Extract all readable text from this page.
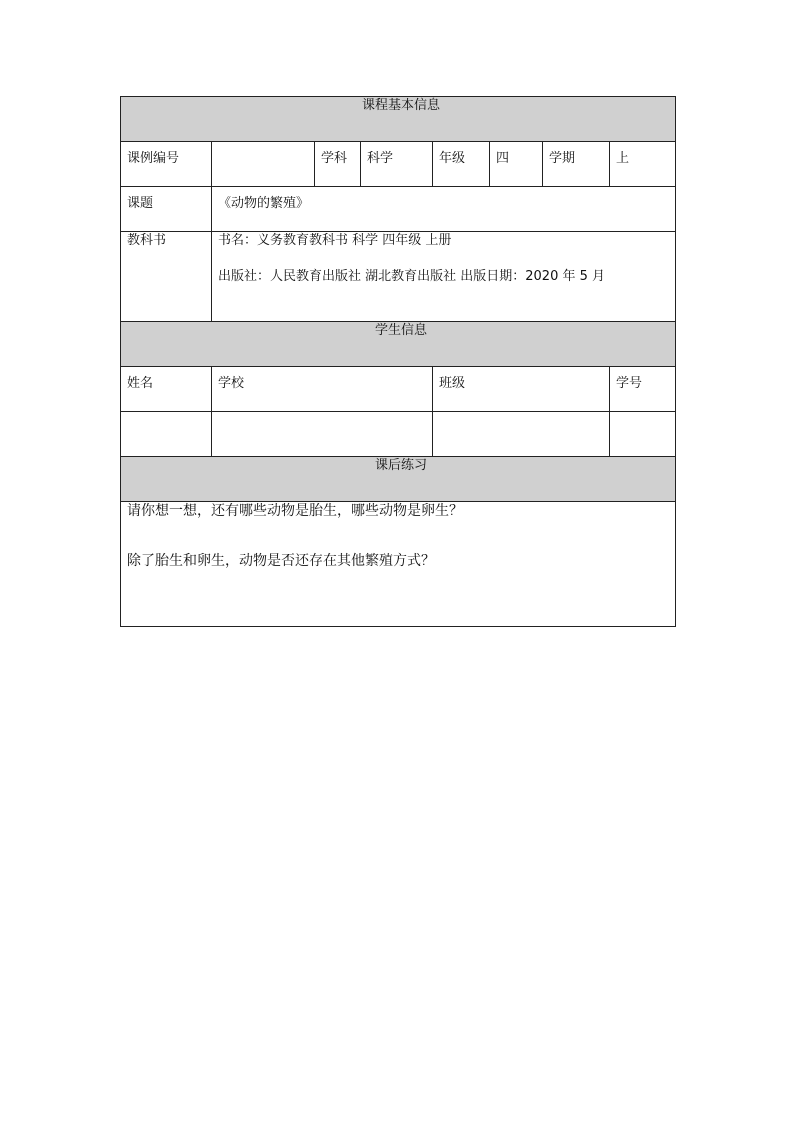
课程基本信息							
课例编号		学科	科学	年级	四	学期	上
课题	《动物的繁殖》						
教科书	书名：义务教育教科书 科学 四年级 上册
出版社：人民教育出版社 湖北教育出版社 出版日期：2020 年 5 月						

学生信息							
姓名	学校			班级			学号

课后练习							

请你想一想，还有哪些动物是胎生，哪些动物是卵生？
除了胎生和卵生，动物是否还存在其他繁殖方式？							
